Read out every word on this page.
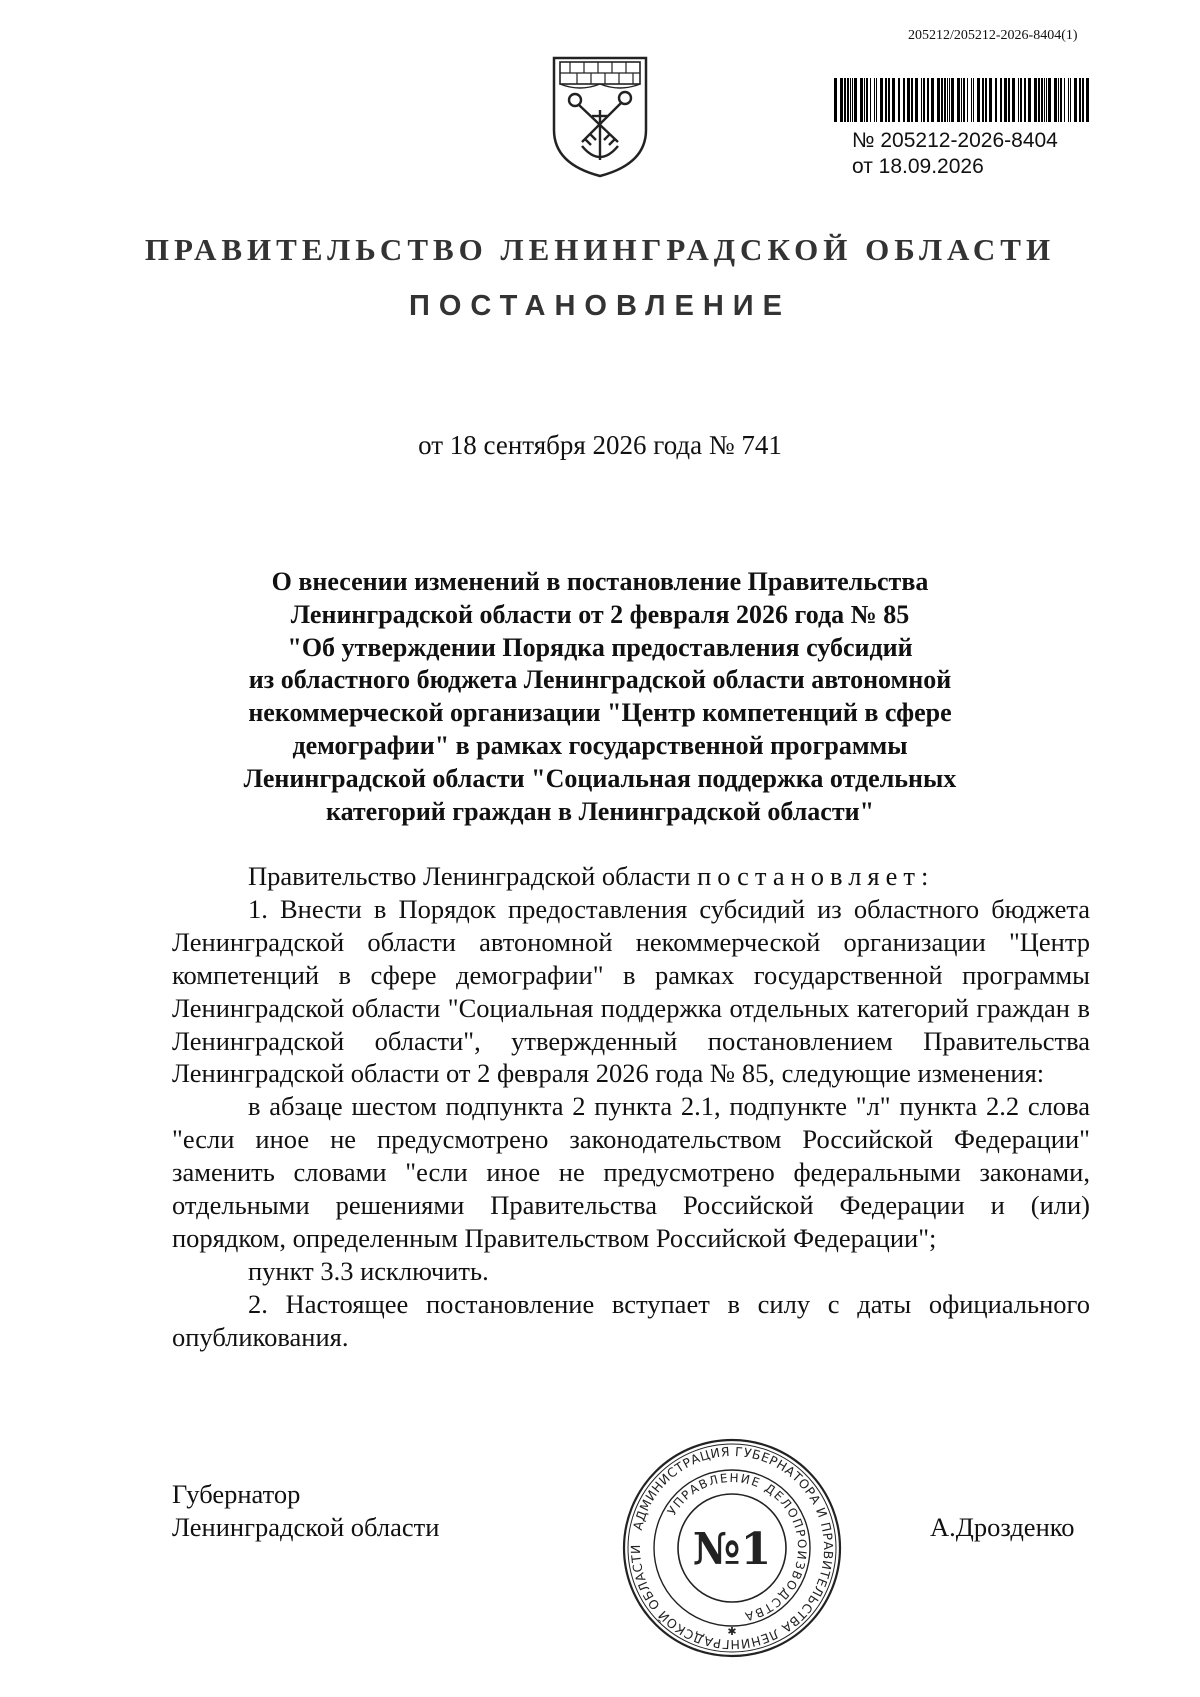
205212/205212-2026-8404(1)
№ 205212-2026-8404
от 18.09.2026
ПРАВИТЕЛЬСТВО ЛЕНИНГРАДСКОЙ ОБЛАСТИ
ПОСТАНОВЛЕНИЕ
от 18 сентября 2026 года № 741
О внесении изменений в постановление Правительства
Ленинградской области от 2 февраля 2026 года № 85
"Об утверждении Порядка предоставления субсидий
из областного бюджета Ленинградской области автономной
некоммерческой организации "Центр компетенций в сфере
демографии" в рамках государственной программы
Ленинградской области "Социальная поддержка отдельных
категорий граждан в Ленинградской области"

Правительство Ленинградской области постановляет:

1. Внести в Порядок предоставления субсидий из областного бюджета Ленинградской области автономной некоммерческой организации "Центр компетенций в сфере демографии" в рамках государственной программы Ленинградской области "Социальная поддержка отдельных категорий граждан в Ленинградской области", утвержденный постановлением Правительства Ленинградской области от 2 февраля 2026 года № 85, следующие изменения:

в абзаце шестом подпункта 2 пункта 2.1, подпункте "л" пункта 2.2 слова "если иное не предусмотрено законодательством Российской Федерации" заменить словами "если иное не предусмотрено федеральными законами, отдельными решениями Правительства Российской Федерации и (или) порядком, определенным Правительством Российской Федерации";

пункт 3.3 исключить.

2. Настоящее постановление вступает в силу с даты официального опубликования.

Губернатор
Ленинградской области	А.Дрозденко
АДМИНИСТРАЦИЯ ГУБЕРНАТОРА И ПРАВИТЕЛЬСТВА ЛЕНИНГРАДСКОЙ ОБЛАСТИ
УПРАВЛЕНИЕ ДЕЛОПРОИЗВОДСТВА
№1
✱
